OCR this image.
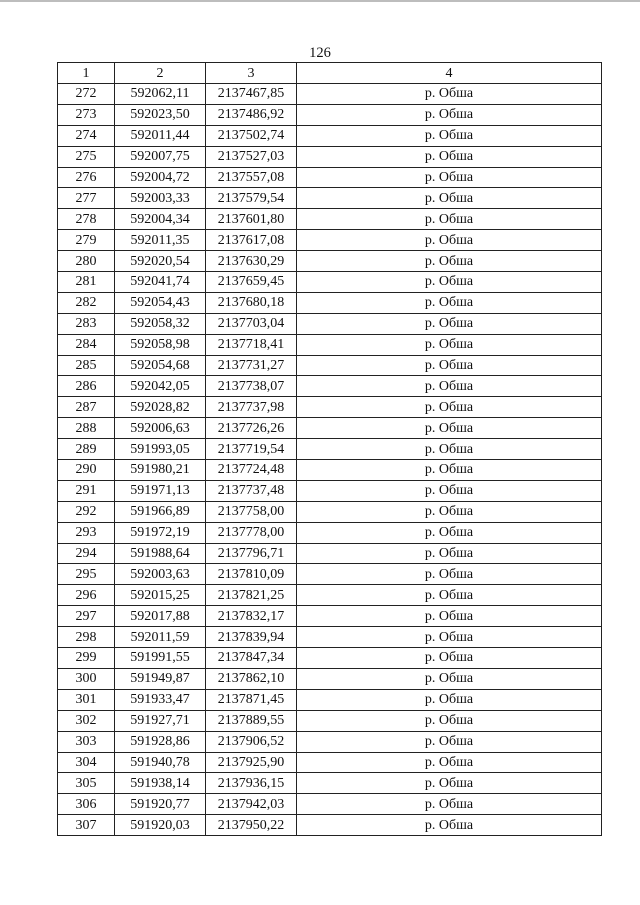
126
1	2	3	4
272	592062,11	2137467,85	р. Обша
273	592023,50	2137486,92	р. Обша
274	592011,44	2137502,74	р. Обша
275	592007,75	2137527,03	р. Обша
276	592004,72	2137557,08	р. Обша
277	592003,33	2137579,54	р. Обша
278	592004,34	2137601,80	р. Обша
279	592011,35	2137617,08	р. Обша
280	592020,54	2137630,29	р. Обша
281	592041,74	2137659,45	р. Обша
282	592054,43	2137680,18	р. Обша
283	592058,32	2137703,04	р. Обша
284	592058,98	2137718,41	р. Обша
285	592054,68	2137731,27	р. Обша
286	592042,05	2137738,07	р. Обша
287	592028,82	2137737,98	р. Обша
288	592006,63	2137726,26	р. Обша
289	591993,05	2137719,54	р. Обша
290	591980,21	2137724,48	р. Обша
291	591971,13	2137737,48	р. Обша
292	591966,89	2137758,00	р. Обша
293	591972,19	2137778,00	р. Обша
294	591988,64	2137796,71	р. Обша
295	592003,63	2137810,09	р. Обша
296	592015,25	2137821,25	р. Обша
297	592017,88	2137832,17	р. Обша
298	592011,59	2137839,94	р. Обша
299	591991,55	2137847,34	р. Обша
300	591949,87	2137862,10	р. Обша
301	591933,47	2137871,45	р. Обша
302	591927,71	2137889,55	р. Обша
303	591928,86	2137906,52	р. Обша
304	591940,78	2137925,90	р. Обша
305	591938,14	2137936,15	р. Обша
306	591920,77	2137942,03	р. Обша
307	591920,03	2137950,22	р. Обша
